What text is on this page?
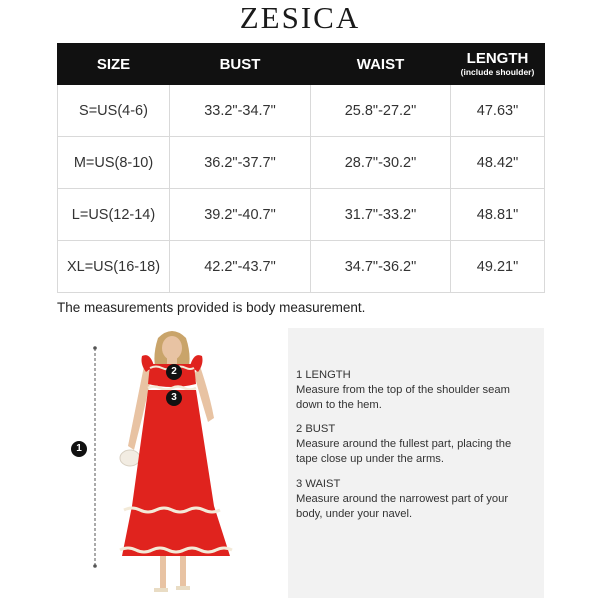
ZESICA
SIZE	BUST	WAIST	LENGTH
(include shoulder)

S=US(4-6)	33.2"-34.7"	25.8"-27.2"	47.63"
M=US(8-10)	36.2"-37.7"	28.7"-30.2"	48.42"
L=US(12-14)	39.2"-40.7"	31.7"-33.2"	48.81"
XL=US(16-18)	42.2"-43.7"	34.7"-36.2"	49.21"
The measurements provided is body measurement.
1
2
3
1 LENGTH
Measure from the top of the shoulder seam down to the hem.
2 BUST
Measure around the fullest part, placing the tape close up under the arms.
3 WAIST
Measure around the narrowest part of your body, under your navel.
